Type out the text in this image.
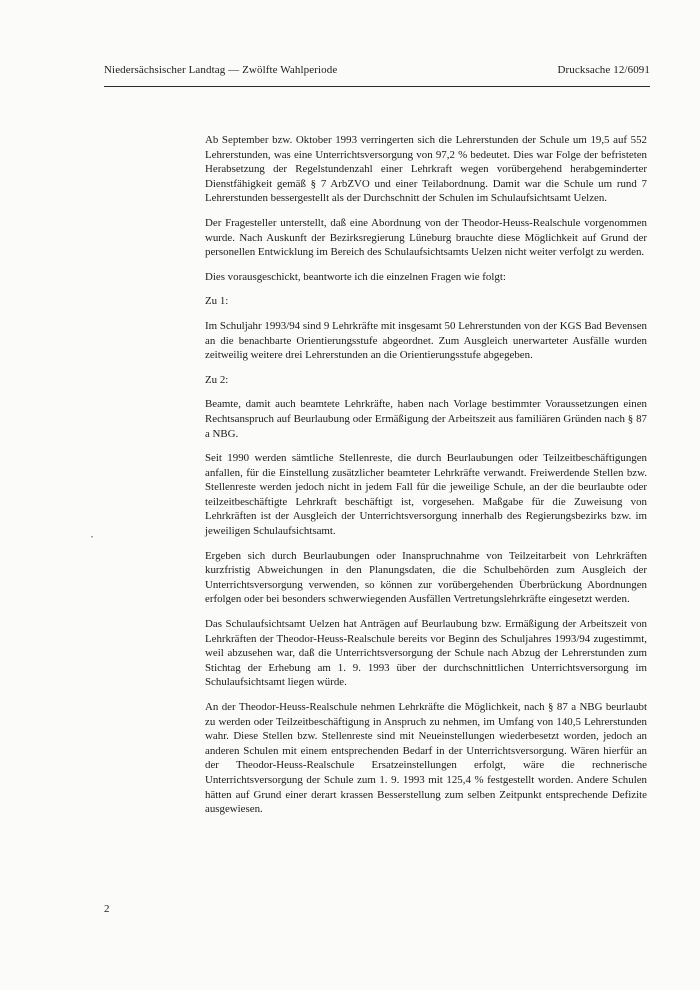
Niedersächsischer Landtag — Zwölfte Wahlperiode	Drucksache 12/6091

Ab September bzw. Oktober 1993 verringerten sich die Lehrerstunden der Schule um 19,5 auf 552 Lehrerstunden, was eine Unterrichtsversorgung von 97,2 % bedeutet. Dies war Folge der befristeten Herabsetzung der Regelstundenzahl einer Lehrkraft wegen vorübergehend herabgeminderter Dienstfähigkeit gemäß § 7 ArbZVO und einer Teilabordnung. Damit war die Schule um rund 7 Lehrerstunden bessergestellt als der Durchschnitt der Schulen im Schulaufsichtsamt Uelzen.

Der Fragesteller unterstellt, daß eine Abordnung von der Theodor-Heuss-Realschule vorgenommen wurde. Nach Auskunft der Bezirksregierung Lüneburg brauchte diese Möglichkeit auf Grund der personellen Entwicklung im Bereich des Schulaufsichtsamts Uelzen nicht weiter verfolgt zu werden.

Dies vorausgeschickt, beantworte ich die einzelnen Fragen wie folgt:

Zu 1:

Im Schuljahr 1993/94 sind 9 Lehrkräfte mit insgesamt 50 Lehrerstunden von der KGS Bad Bevensen an die benachbarte Orientierungsstufe abgeordnet. Zum Ausgleich unerwarteter Ausfälle wurden zeitweilig weitere drei Lehrerstunden an die Orientierungsstufe abgegeben.

Zu 2:

Beamte, damit auch beamtete Lehrkräfte, haben nach Vorlage bestimmter Voraussetzungen einen Rechtsanspruch auf Beurlaubung oder Ermäßigung der Arbeitszeit aus familiären Gründen nach § 87 a NBG.

Seit 1990 werden sämtliche Stellenreste, die durch Beurlaubungen oder Teilzeitbeschäftigungen anfallen, für die Einstellung zusätzlicher beamteter Lehrkräfte verwandt. Freiwerdende Stellen bzw. Stellenreste werden jedoch nicht in jedem Fall für die jeweilige Schule, an der die beurlaubte oder teilzeitbeschäftigte Lehrkraft beschäftigt ist, vorgesehen. Maßgabe für die Zuweisung von Lehrkräften ist der Ausgleich der Unterrichtsversorgung innerhalb des Regierungsbezirks bzw. im jeweiligen Schulaufsichtsamt.

Ergeben sich durch Beurlaubungen oder Inanspruchnahme von Teilzeitarbeit von Lehrkräften kurzfristig Abweichungen in den Planungsdaten, die die Schulbehörden zum Ausgleich der Unterrichtsversorgung verwenden, so können zur vorübergehenden Überbrückung Abordnungen erfolgen oder bei besonders schwerwiegenden Ausfällen Vertretungslehrkräfte eingesetzt werden.

Das Schulaufsichtsamt Uelzen hat Anträgen auf Beurlaubung bzw. Ermäßigung der Arbeitszeit von Lehrkräften der Theodor-Heuss-Realschule bereits vor Beginn des Schuljahres 1993/94 zugestimmt, weil abzusehen war, daß die Unterrichtsversorgung der Schule nach Abzug der Lehrerstunden zum Stichtag der Erhebung am 1. 9. 1993 über der durchschnittlichen Unterrichtsversorgung im Schulaufsichtsamt liegen würde.

An der Theodor-Heuss-Realschule nehmen Lehrkräfte die Möglichkeit, nach § 87 a NBG beurlaubt zu werden oder Teilzeitbeschäftigung in Anspruch zu nehmen, im Umfang von 140,5 Lehrerstunden wahr. Diese Stellen bzw. Stellenreste sind mit Neueinstellungen wiederbesetzt worden, jedoch an anderen Schulen mit einem entsprechenden Bedarf in der Unterrichtsversorgung. Wären hierfür an der Theodor-Heuss-Realschule Ersatzeinstellungen erfolgt, wäre die rechnerische Unterrichtsversorgung der Schule zum 1. 9. 1993 mit 125,4 % festgestellt worden. Andere Schulen hätten auf Grund einer derart krassen Besserstellung zum selben Zeitpunkt entsprechende Defizite ausgewiesen.

2
•
